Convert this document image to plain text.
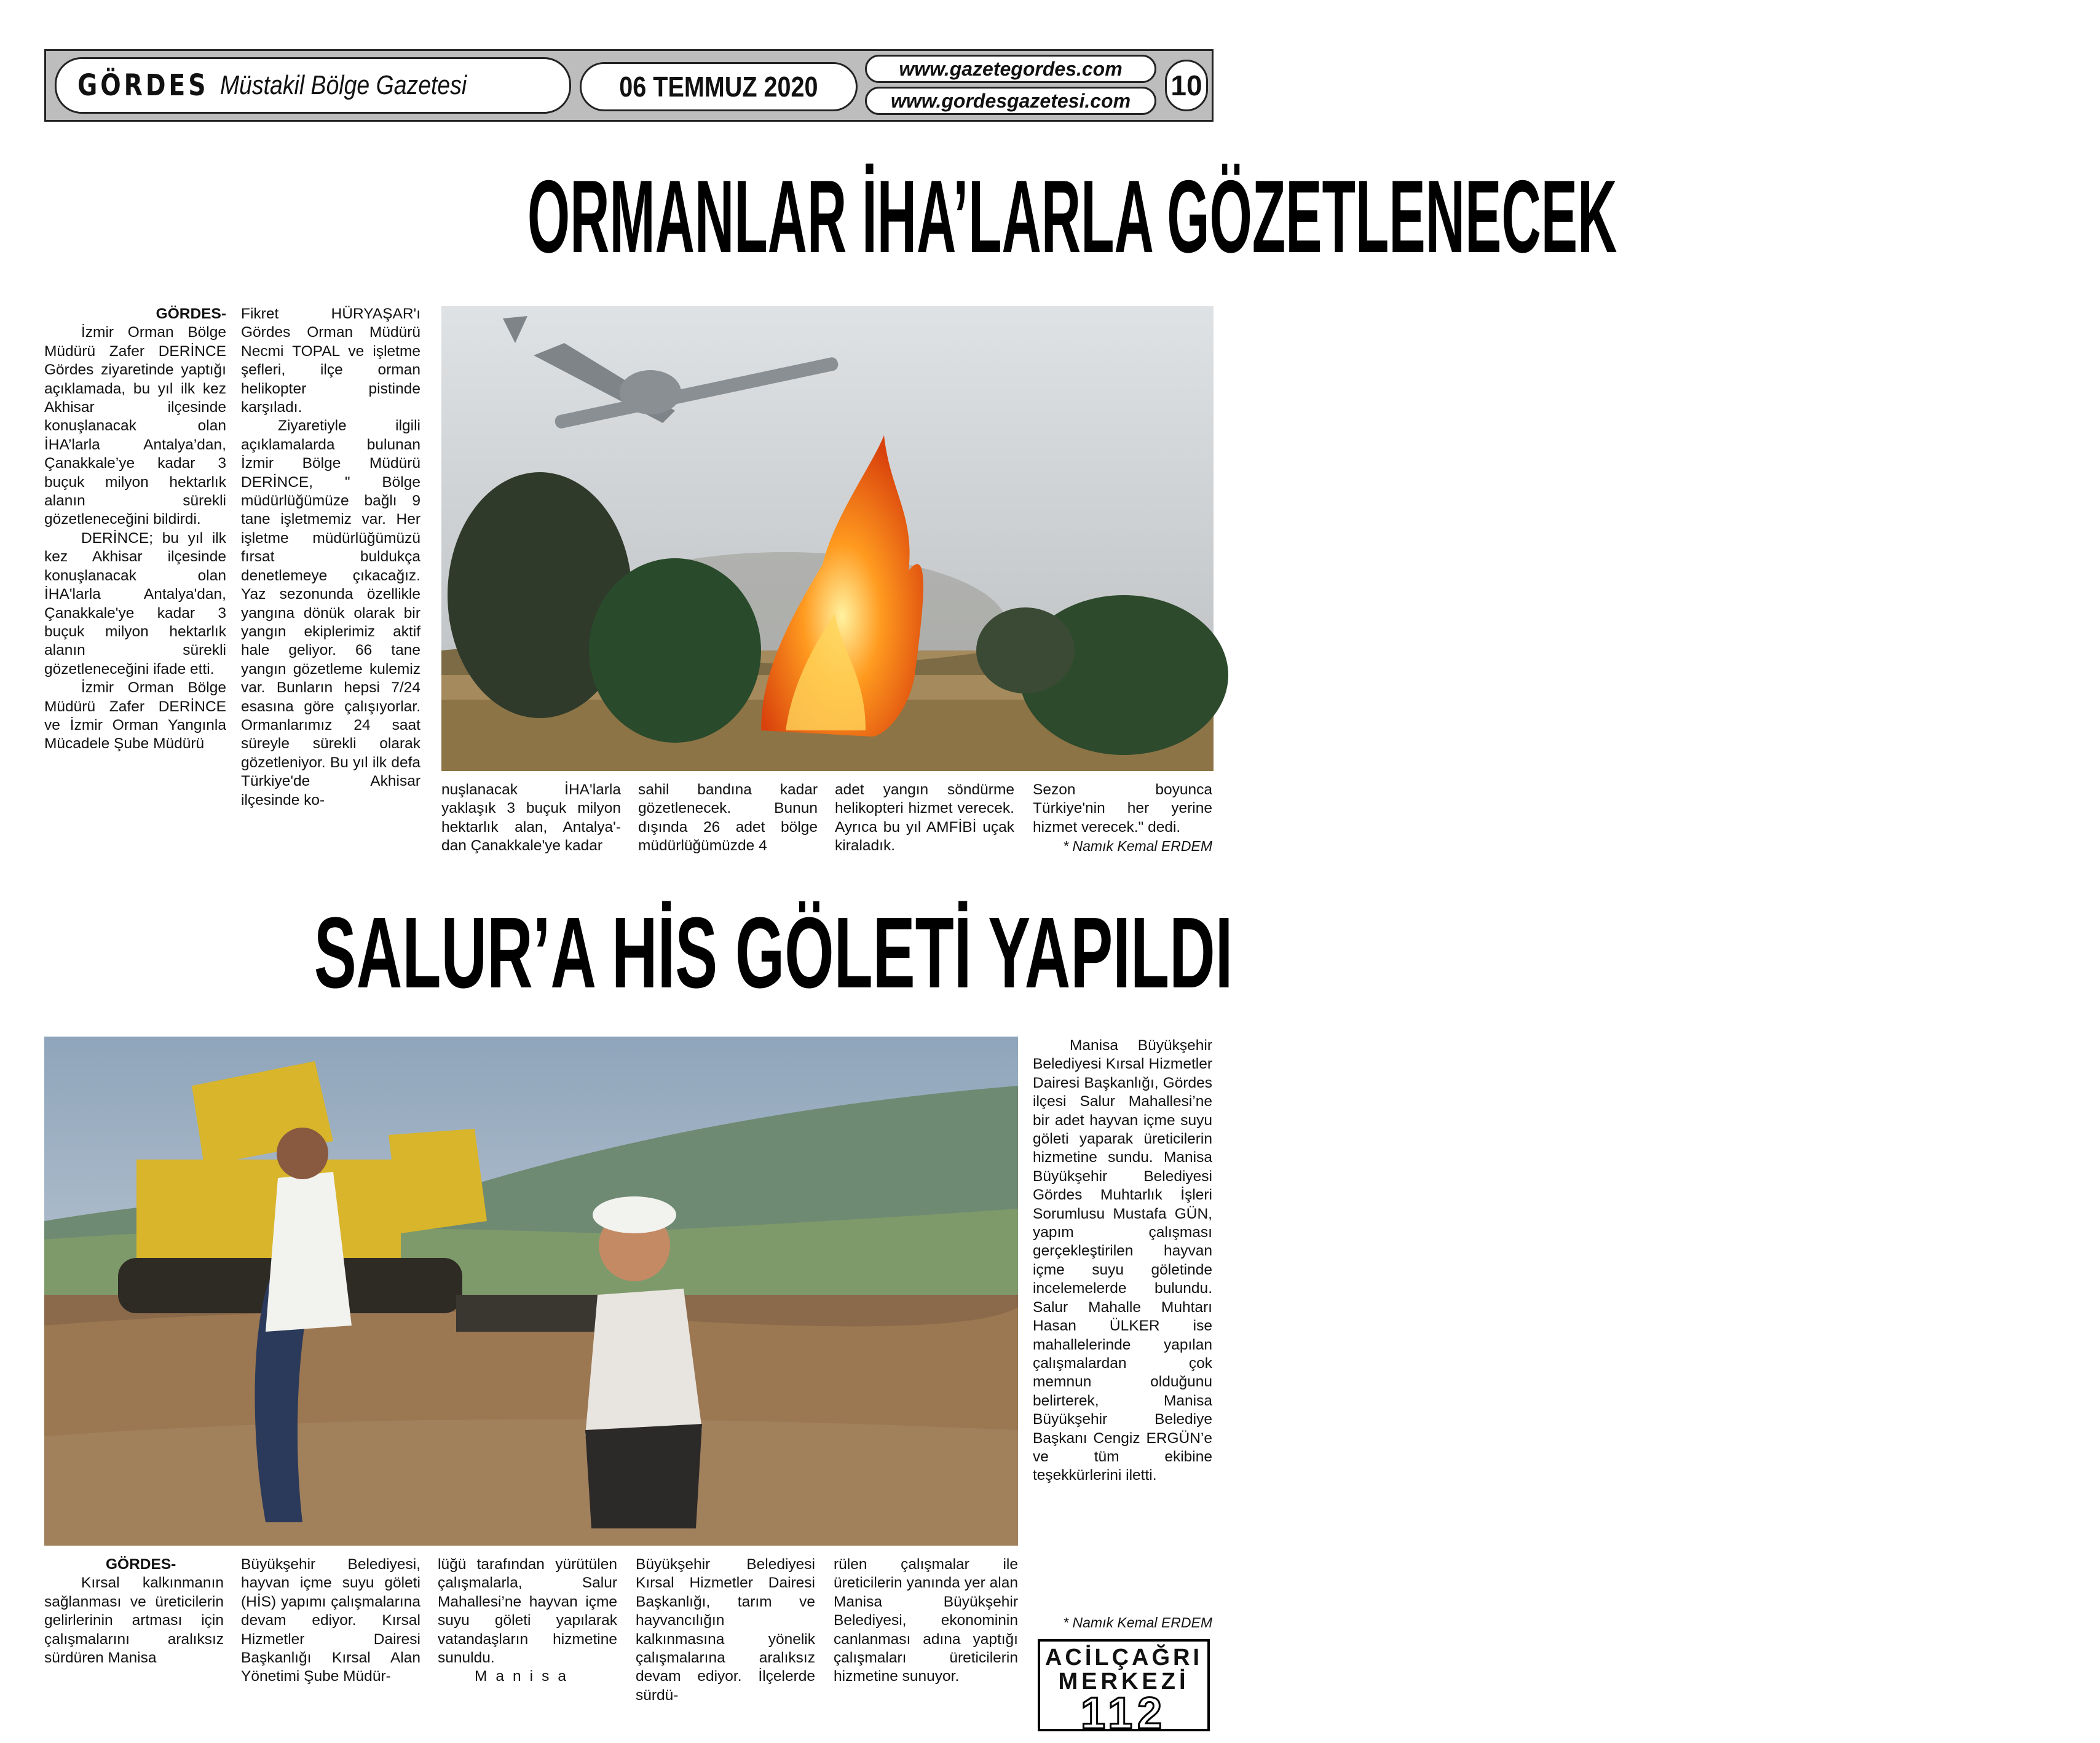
GÖRDES Müstakil Bölge Gazetesi	06 TEMMUZ 2020
www.gazetegordes.com
www.gordesgazetesi.com	10
ORMANLAR İHA’LARLA GÖZETLENECEK
GÖRDES-

İzmir Orman Bölge Müdürü Zafer DERİNCE Gördes ziyaretinde yaptığı açıklamada, bu yıl ilk kez Akhisar ilçesinde konuşlanacak olan İHA’larla Antalya’dan, Çanakkale’ye kadar 3 buçuk milyon hektarlık alanın sürekli gözetleneceğini bildirdi.

DERİNCE; bu yıl ilk kez Akhisar ilçesinde konuşlanacak olan İHA'larla Antalya'dan, Çanakkale'ye kadar 3 buçuk milyon hektarlık alanın sürekli gözetleneceğini ifade etti.

İzmir Orman Bölge Müdürü Zafer DERİNCE ve İzmir Orman Yangınla Mücadele Şube Müdürü

Fikret HÜRYAŞAR'ı Gördes Orman Müdürü Necmi TOPAL ve işletme şefleri, ilçe orman helikopter pistinde karşıladı.

Ziyaretiyle ilgili açıklamalarda bulunan İzmir Bölge Müdürü DERİNCE, " Bölge müdürlüğümüze bağlı 9 tane işletmemiz var. Her işletme müdürlüğümüzü fırsat buldukça denetlemeye çıkacağız. Yaz sezonunda özellikle yangına dönük olarak bir yangın ekiplerimiz aktif hale geliyor. 66 tane yangın gözetleme kulemiz var. Bunların hepsi 7/24 esasına göre çalışıyorlar. Ormanlarımız 24 saat süreyle sürekli olarak gözetleniyor. Bu yıl ilk defa Türkiye'de Akhisar ilçesinde ko-

nuşlanacak İHA'larla yaklaşık 3 buçuk milyon hektarlık alan, Antalya'-dan Çanakkale'ye kadar

sahil bandına kadar gözetlenecek. Bunun dışında 26 adet bölge müdürlüğümüzde 4

adet yangın söndürme helikopteri hizmet verecek. Ayrıca bu yıl AMFİBİ uçak kiraladık.

Sezon boyunca Türkiye'nin her yerine hizmet verecek." dedi.

* Namık Kemal ERDEM
SALUR’A HİS GÖLETİ YAPILDI

Manisa Büyükşehir Belediyesi Kırsal Hizmetler Dairesi Başkanlığı, Gördes ilçesi Salur Mahallesi’ne bir adet hayvan içme suyu göleti yaparak üreticilerin hizmetine sundu. Manisa Büyükşehir Belediyesi Gördes Muhtarlık İşleri Sorumlusu Mustafa GÜN, yapım çalışması gerçekleştirilen hayvan içme suyu göletinde incelemelerde bulundu. Salur Mahalle Muhtarı Hasan ÜLKER ise mahallelerinde yapılan çalışmalardan çok memnun olduğunu belirterek, Manisa Büyükşehir Belediye Başkanı Cengiz ERGÜN’e ve tüm ekibine teşekkürlerini iletti.

* Namık Kemal ERDEM
GÖRDES-

Kırsal kalkınmanın sağlanması ve üreticilerin gelirlerinin artması için çalışmalarını aralıksız sürdüren Manisa

Büyükşehir Belediyesi, hayvan içme suyu göleti (HİS) yapımı çalışmalarına devam ediyor. Kırsal Hizmetler Dairesi Başkanlığı Kırsal Alan Yönetimi Şube Müdür-

lüğü tarafından yürütülen çalışmalarla, Salur Mahallesi’ne hayvan içme suyu göleti yapılarak vatandaşların hizmetine sunuldu.

Manisa

Büyükşehir Belediyesi Kırsal Hizmetler Dairesi Başkanlığı, tarım ve hayvancılığın kalkınmasına yönelik çalışmalarına aralıksız devam ediyor. İlçelerde sürdü-

rülen çalışmalar ile üreticilerin yanında yer alan Manisa Büyükşehir Belediyesi, ekonominin canlanması adına yaptığı çalışmaları üreticilerin hizmetine sunuyor.

ACİLÇAĞRI
MERKEZİ
112
